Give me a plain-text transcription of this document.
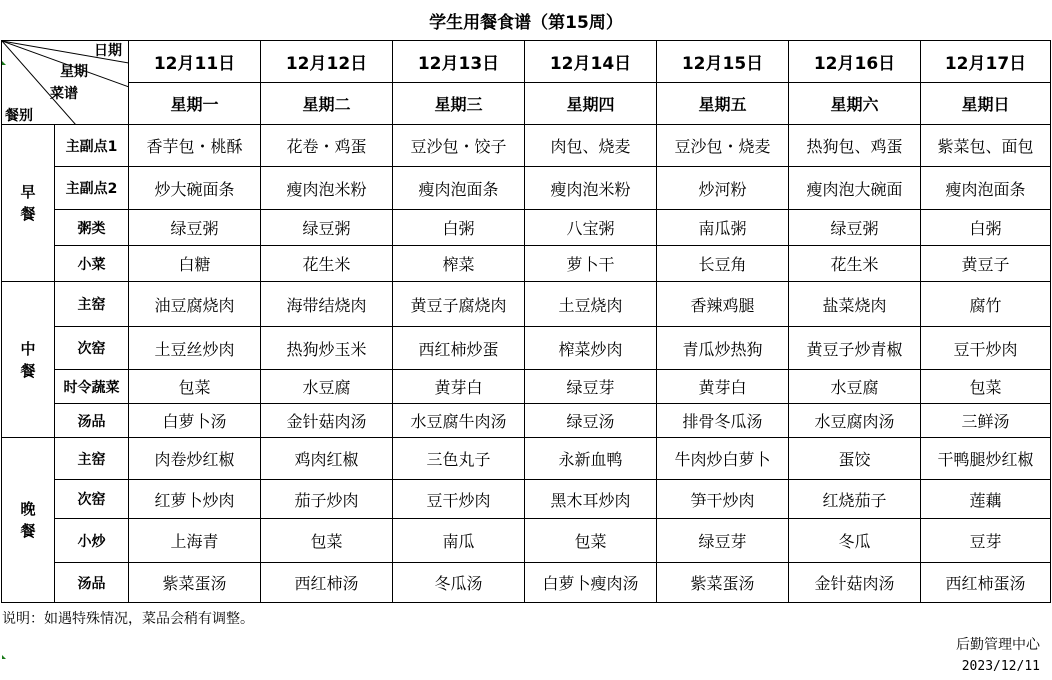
学生用餐食谱（第15周）
日期
星期
菜谱
餐别		12月11日	12月12日	12月13日	12月14日	12月15日	12月16日	12月17日
		星期一	星期二	星期三	星期四	星期五	星期六	星期日
早
餐	主副点1	香芋包・桃酥	花卷・鸡蛋	豆沙包・饺子	肉包、烧麦	豆沙包・烧麦	热狗包、鸡蛋	紫菜包、面包
	主副点2	炒大碗面条	瘦肉泡米粉	瘦肉泡面条	瘦肉泡米粉	炒河粉	瘦肉泡大碗面	瘦肉泡面条
	粥类	绿豆粥	绿豆粥	白粥	八宝粥	南瓜粥	绿豆粥	白粥
	小菜	白糖	花生米	榨菜	萝卜干	长豆角	花生米	黄豆子
中
餐	主窑	油豆腐烧肉	海带结烧肉	黄豆子腐烧肉	土豆烧肉	香辣鸡腿	盐菜烧肉	腐竹
	次窑	土豆丝炒肉	热狗炒玉米	西红柿炒蛋	榨菜炒肉	青瓜炒热狗	黄豆子炒青椒	豆干炒肉
	时令蔬菜	包菜	水豆腐	黄芽白	绿豆芽	黄芽白	水豆腐	包菜
	汤品	白萝卜汤	金针菇肉汤	水豆腐牛肉汤	绿豆汤	排骨冬瓜汤	水豆腐肉汤	三鲜汤
晚
餐	主窑	肉卷炒红椒	鸡肉红椒	三色丸子	永新血鸭	牛肉炒白萝卜	蛋饺	干鸭腿炒红椒
	次窑	红萝卜炒肉	茄子炒肉	豆干炒肉	黑木耳炒肉	笋干炒肉	红烧茄子	莲藕
	小炒	上海青	包菜	南瓜	包菜	绿豆芽	冬瓜	豆芽
	汤品	紫菜蛋汤	西红柿汤	冬瓜汤	白萝卜瘦肉汤	紫菜蛋汤	金针菇肉汤	西红柿蛋汤
说明：如遇特殊情况，菜品会稍有调整。
后勤管理中心
2023/12/11
